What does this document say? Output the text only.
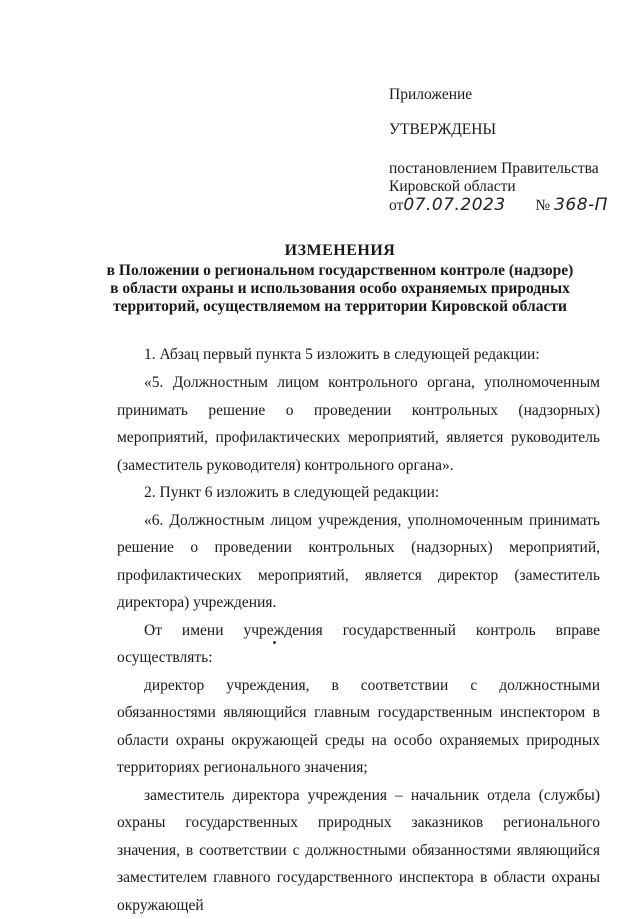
Приложение
УТВЕРЖДЕНЫ
постановлением Правительства
Кировской области
от07.07.2023 № 368-П
ИЗМЕНЕНИЯ
в Положении о региональном государственном контроле (надзоре)
в области охраны и использования особо охраняемых природных
территорий, осуществляемом на территории Кировской области

1. Абзац первый пункта 5 изложить в следующей редакции:

«5. Должностным лицом контрольного органа, уполномоченным принимать решение о проведении контрольных (надзорных) мероприятий, профилактических мероприятий, является руководитель (заместитель руководителя) контрольного органа».

2. Пункт 6 изложить в следующей редакции:

«6. Должностным лицом учреждения, уполномоченным принимать решение о проведении контрольных (надзорных) мероприятий, профилактических мероприятий, является директор (заместитель директора) учреждения.

От имени учреждения государственный контроль вправе осуществлять:

директор учреждения, в соответствии с должностными обязанностями являющийся главным государственным инспектором в области охраны окружающей среды на особо охраняемых природных территориях регионального значения;

заместитель директора учреждения – начальник отдела (службы) охраны государственных природных заказников регионального значения, в соответствии с должностными обязанностями являющийся заместителем главного государственного инспектора в области охраны окружающей
